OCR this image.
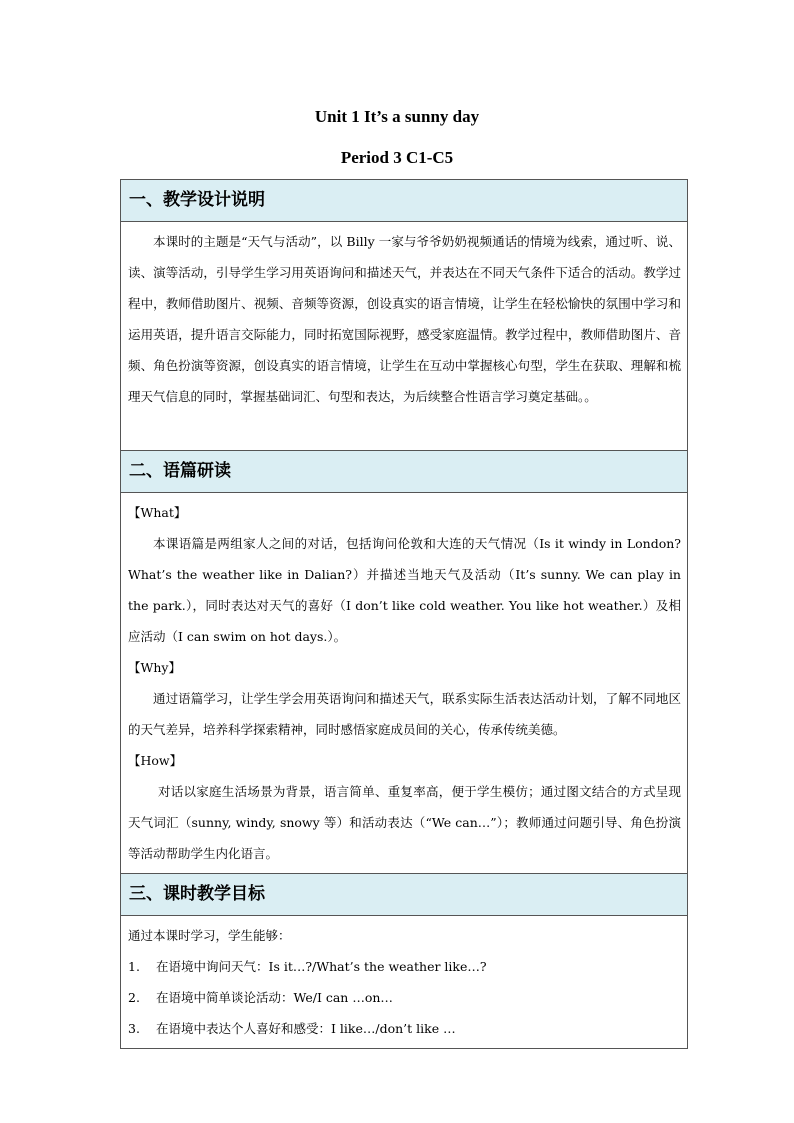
Unit 1 It’s a sunny day
Period 3 C1-C5
一、教学设计说明

本课时的主题是“天气与活动”，以 Billy 一家与爷爷奶奶视频通话的情境为线索，通过听、说、读、演等活动，引导学生学习用英语询问和描述天气，并表达在不同天气条件下适合的活动。教学过程中，教师借助图片、视频、音频等资源，创设真实的语言情境，让学生在轻松愉快的氛围中学习和运用英语，提升语言交际能力，同时拓宽国际视野，感受家庭温情。教学过程中，教师借助图片、音频、角色扮演等资源，创设真实的语言情境，让学生在互动中掌握核心句型，学生在获取、理解和梳理天气信息的同时，掌握基础词汇、句型和表达，为后续整合性语言学习奠定基础。。

二、语篇研读

【What】
本课语篇是两组家人之间的对话，包括询问伦敦和大连的天气情况（Is it windy in London? What’s the weather like in Dalian?）并描述当地天气及活动（It’s sunny. We can play in the park.），同时表达对天气的喜好（I don’t like cold weather. You like hot weather.）及相应活动（I can swim on hot days.）。
【Why】
通过语篇学习，让学生学会用英语询问和描述天气，联系实际生活表达活动计划，了解不同地区的天气差异，培养科学探索精神，同时感悟家庭成员间的关心，传承传统美德。
【How】
对话以家庭生活场景为背景，语言简单、重复率高，便于学生模仿；通过图文结合的方式呈现天气词汇（sunny, windy, snowy 等）和活动表达（“We can…”）；教师通过问题引导、角色扮演等活动帮助学生内化语言。

三、课时教学目标

通过本课时学习，学生能够：
1.	在语境中询问天气：Is it…?/What’s the weather like…?
2.	在语境中简单谈论活动：We/I can …on…
3.	在语境中表达个人喜好和感受：I like…/don’t like …
